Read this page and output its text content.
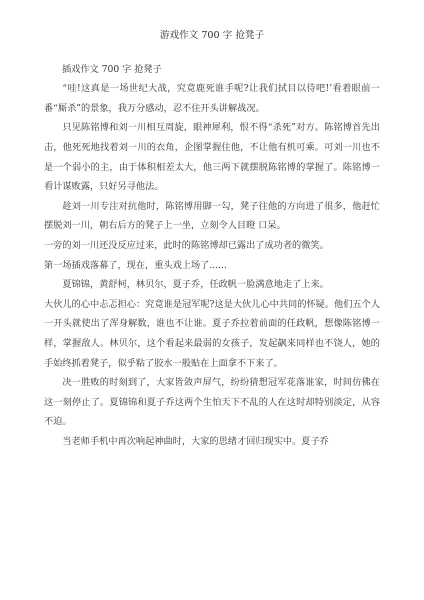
游戏作文 700 字 抢凳子

插戏作文 700 字 抢凳子

“哇!这真是一场世纪大战，究竟鹿死谁手呢?让我们拭目以待吧!’看着眼前一番“厮杀”的景象，我万分感动，忍不住开头讲解战况。

只见陈铭博和刘一川相互周旋，眼神犀利，恨不得“杀死”对方。陈铭博首先出击，他死死地找着刘一川的衣角，企图掌握住他，不让他有机可乘。可刘一川也不是一个弱小的主，由于体积相差太大，他三两下就摆脱陈铭博的掌握了。陈铭博一看计谋败露，只好另寻他法。

趁刘一川专注对抗他时，陈铭博用脚一勾，凳子往他的方向进了很多，他赶忙摆脱刘一川，朝右后方的凳子上一坐，立刻令人目瞪 口呆。

一旁的刘一川还没反应过来，此时的陈铭博却已露出了成功者的微笑。

第一场插戏落幕了，现在，重头戏上场了......

夏锦锦，黄舒柯，林贝尔，夏子乔，任政帆一脸满意地走了上来。

大伙儿的心中忐忑担心：究竟谁是冠军呢?这是大伙儿心中共同的怀疑。他们五个人一开头就使出了浑身解数，谁也不让谁。夏子乔拉着前面的任政帆，想像陈铭博一样，掌握敌人。林贝尔，这个看起来最弱的女孩子，发起飙来同样也不饶人，她的手始终抓着凳子，似乎粘了胶水一般贴在上面拿不下来了。

决一胜败的时刻到了，大家皆敛声屏气，纷纷猜想冠军花落谁家，时间仿佛在这一刻停止了。夏锦锦和夏子乔这两个生怕天下不乱的人在这时却特别淡定，从容不迫。

当老师手机中再次响起神曲时，大家的思绪才回归现实中。夏子乔
